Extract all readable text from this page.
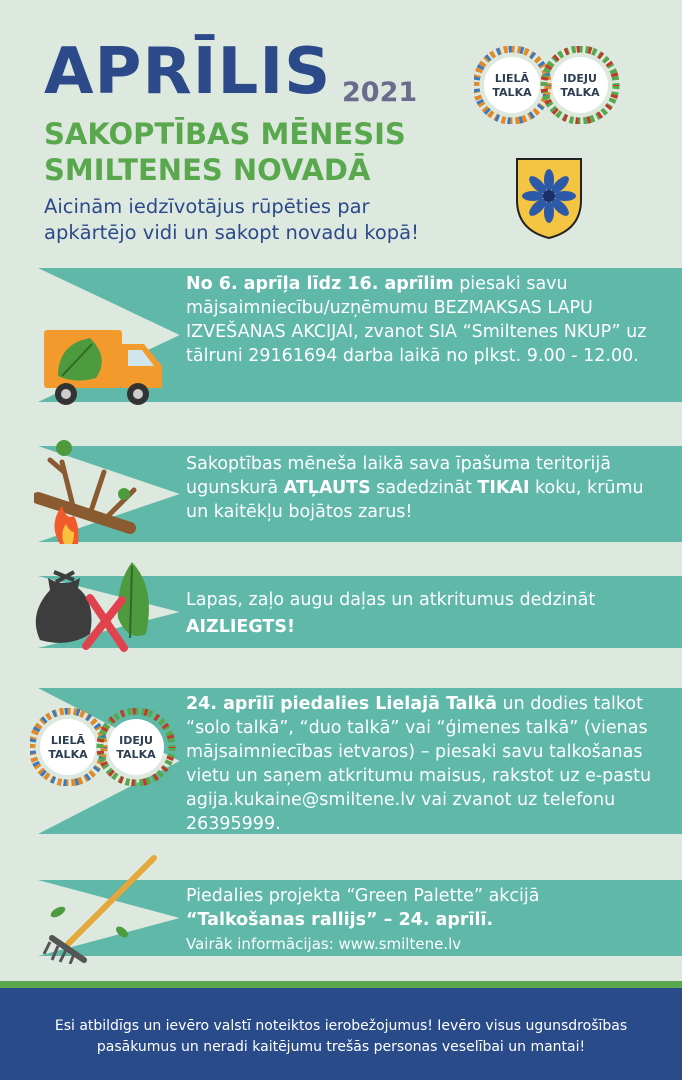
APRĪLIS 2021
SAKOPTĪBAS MĒNESIS
SMILTENES NOVADĀ
Aicinām iedzīvotājus rūpēties par
apkārtējo vidi un sakopt novadu kopā!
LIELĀ
TALKA
IDEJU
TALKA
No 6. aprīļa līdz 16. aprīlim piesaki savu mājsaimniecību/uzņēmumu BEZMAKSAS LAPU IZVEŠANAS AKCIJAI, zvanot SIA “Smiltenes NKUP” uz tālruni 29161694 darba laikā no plkst. 9.00 - 12.00.
Sakoptības mēneša laikā sava īpašuma teritorijā ugunskurā ATĻAUTS sadedzināt TIKAI koku, krūmu un kaitēkļu bojātos zarus!
Lapas, zaļo augu daļas un atkritumus dedzināt
AIZLIEGTS!
LIELĀ
TALKA
IDEJU
TALKA
24. aprīlī piedalies Lielajā Talkā un dodies talkot “solo talkā”, “duo talkā” vai “ģimenes talkā” (vienas mājsaimniecības ietvaros) – piesaki savu talkošanas vietu un saņem atkritumu maisus, rakstot uz e-pastu agija.kukaine@smiltene.lv vai zvanot uz telefonu 26395999.
Piedalies projekta “Green Palette” akcijā
“Talkošanas rallijs” – 24. aprīlī.
Vairāk informācijas: www.smiltene.lv
Esi atbildīgs un ievēro valstī noteiktos ierobežojumus! Ievēro visus ugunsdrošības
pasākumus un neradi kaitējumu trešās personas veselībai un mantai!
